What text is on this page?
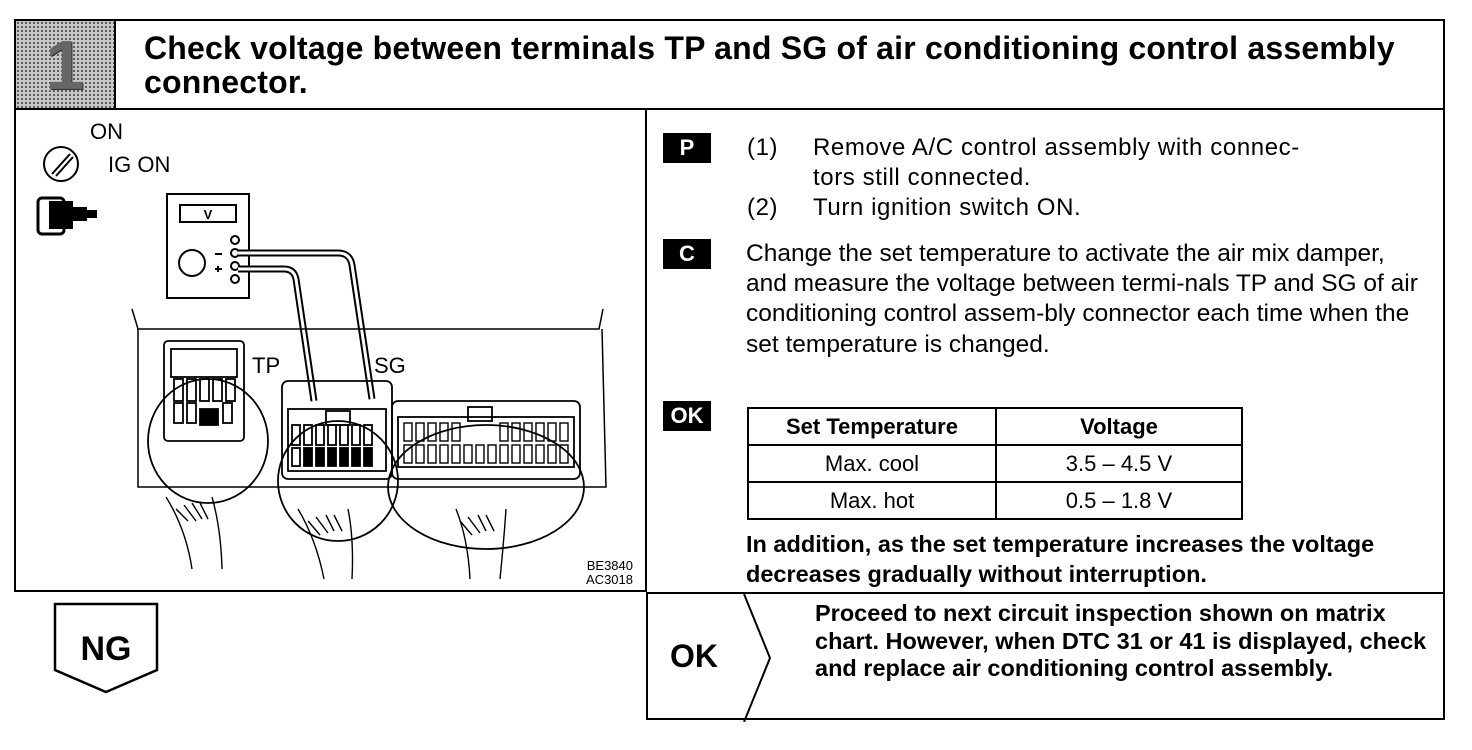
1	Check voltage between terminals TP and SG of air conditioning control assembly connector.
V
TP	SG
ON
IG ON
BE3840
AC3018
P	(1) Remove A/C control assembly with connec-
tors still connected.
(2) Turn ignition switch ON.
C	Change the set temperature to activate the air mix damper, and measure the voltage between termi-nals TP and SG of air conditioning control assem-bly connector each time when the set temperature is changed.
OK	Set Temperature	Voltage
Max. cool	3.5 – 4.5 V
Max. hot	0.5 – 1.8 V
In addition, as the set temperature increases the voltage decreases gradually without interruption.
NG	OK
Proceed to next circuit inspection shown on matrix chart. However, when DTC 31 or 41 is displayed, check and replace air conditioning control assembly.
